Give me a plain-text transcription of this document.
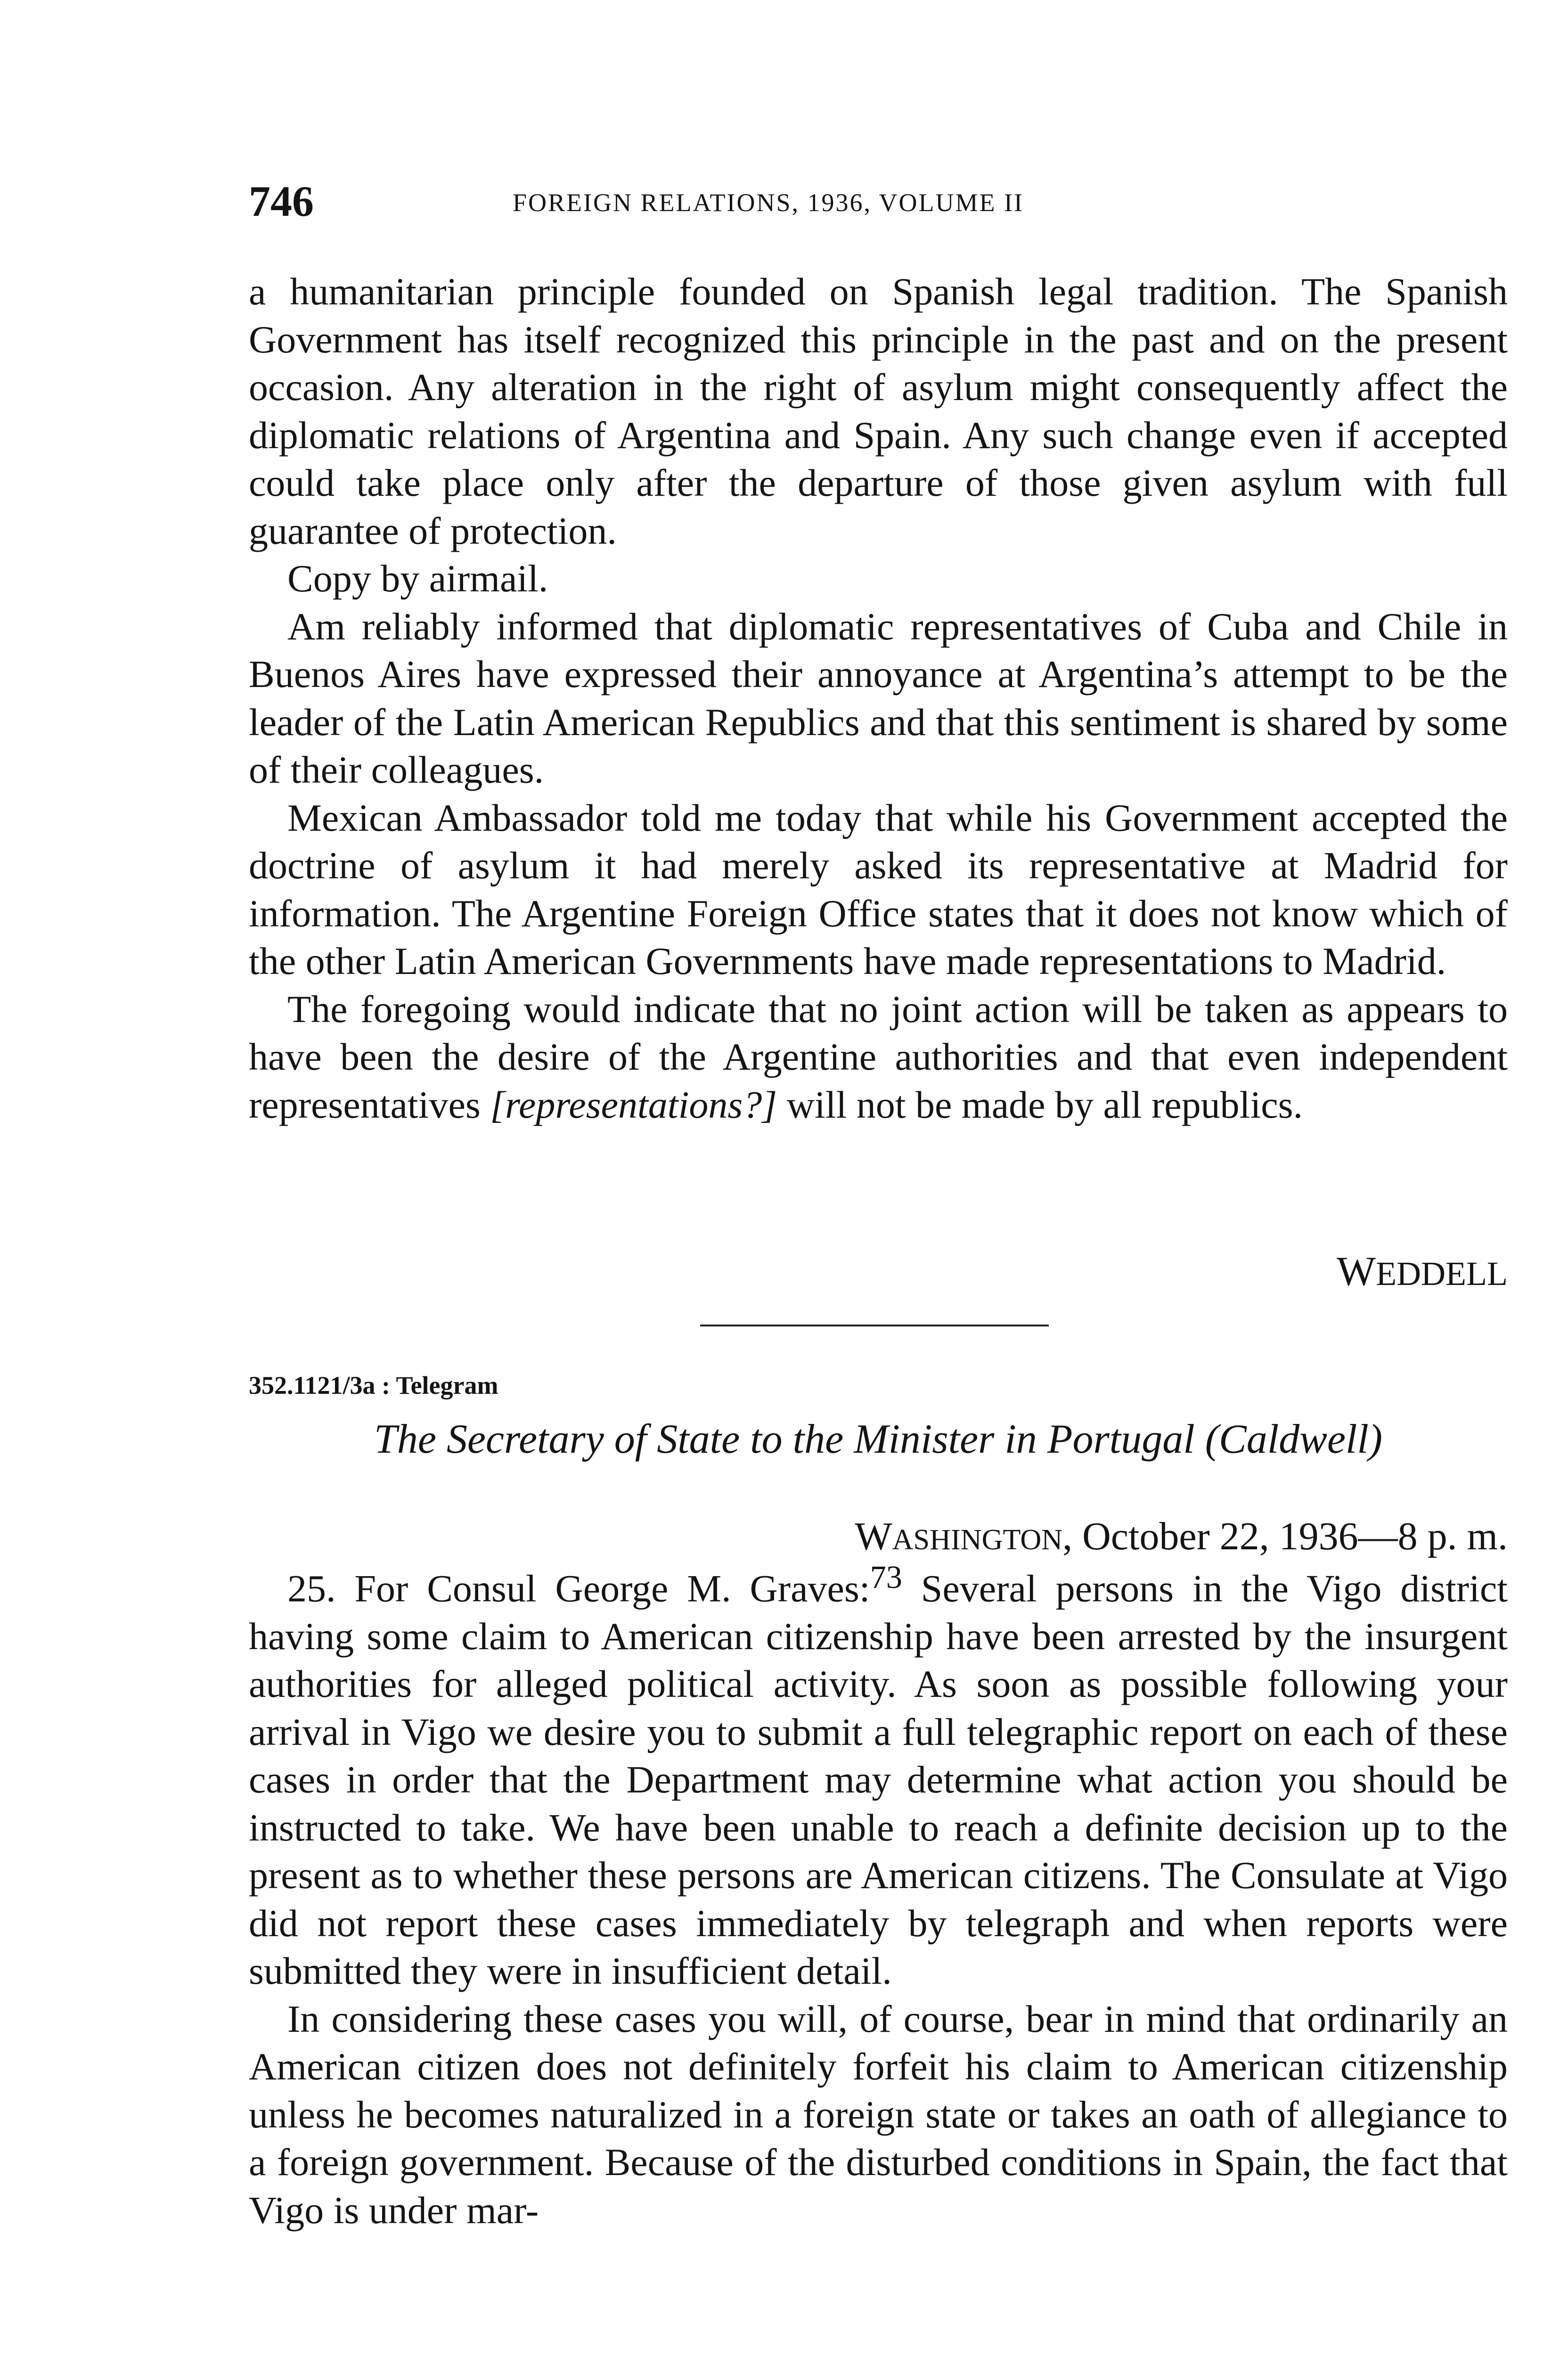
746	FOREIGN RELATIONS, 1936, VOLUME II

a humanitarian principle founded on Spanish legal tradition. The Spanish Government has itself recognized this principle in the past and on the present occasion. Any alteration in the right of asylum might consequently affect the diplomatic relations of Argentina and Spain. Any such change even if accepted could take place only after the departure of those given asylum with full guarantee of protection.

Copy by airmail.

Am reliably informed that diplomatic representatives of Cuba and Chile in Buenos Aires have expressed their annoyance at Argentina’s attempt to be the leader of the Latin American Republics and that this sentiment is shared by some of their colleagues.

Mexican Ambassador told me today that while his Government accepted the doctrine of asylum it had merely asked its representative at Madrid for information. The Argentine Foreign Office states that it does not know which of the other Latin American Governments have made representations to Madrid.

The foregoing would indicate that no joint action will be taken as appears to have been the desire of the Argentine authorities and that even independent representatives [representations?] will not be made by all republics.

WEDDELL
352.1121/3a : Telegram
The Secretary of State to the Minister in Portugal (Caldwell)
WASHINGTON, October 22, 1936—8 p. m.

25. For Consul George M. Graves:$^{73}$ Several persons in the Vigo district having some claim to American citizenship have been arrested by the insurgent authorities for alleged political activity. As soon as possible following your arrival in Vigo we desire you to submit a full telegraphic report on each of these cases in order that the Department may determine what action you should be instructed to take. We have been unable to reach a definite decision up to the present as to whether these persons are American citizens. The Consulate at Vigo did not report these cases immediately by telegraph and when reports were submitted they were in insufficient detail.

In considering these cases you will, of course, bear in mind that ordinarily an American citizen does not definitely forfeit his claim to American citizenship unless he becomes naturalized in a foreign state or takes an oath of allegiance to a foreign government. Because of the disturbed conditions in Spain, the fact that Vigo is under mar-
